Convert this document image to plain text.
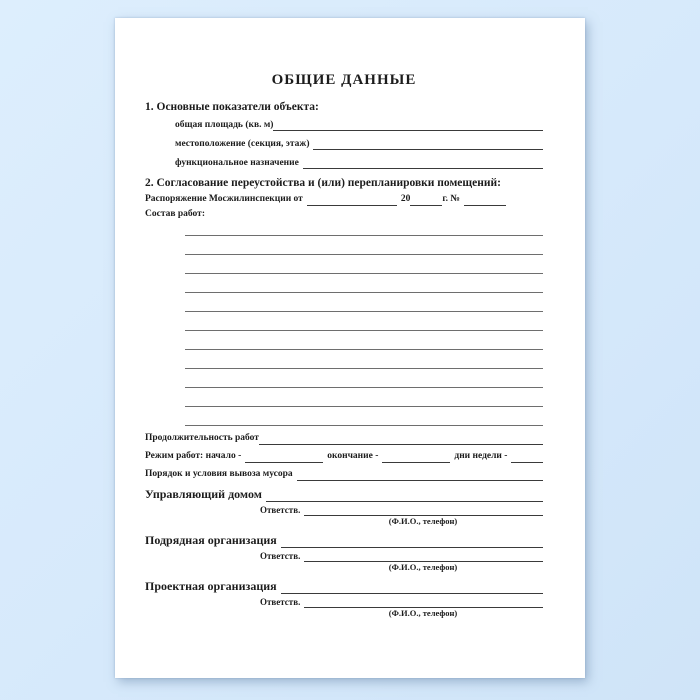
ОБЩИЕ ДАННЫЕ
1. Основные показатели объекта:
общая площадь (кв. м)
местоположение (секция, этаж)
функциональное назначение
2. Согласование переустойства и (или) перепланировки помещений:
Распоряжение Мосжилинспекции от	20	г. №
Состав работ:
Продолжительность работ
Режим работ: начало -	окончание -	дни недели -
Порядок и условия вывоза мусора
Управляющий домом
Ответств.
(Ф.И.О., телефон)
Подрядная организация
Ответств.
(Ф.И.О., телефон)
Проектная организация
Ответств.
(Ф.И.О., телефон)
